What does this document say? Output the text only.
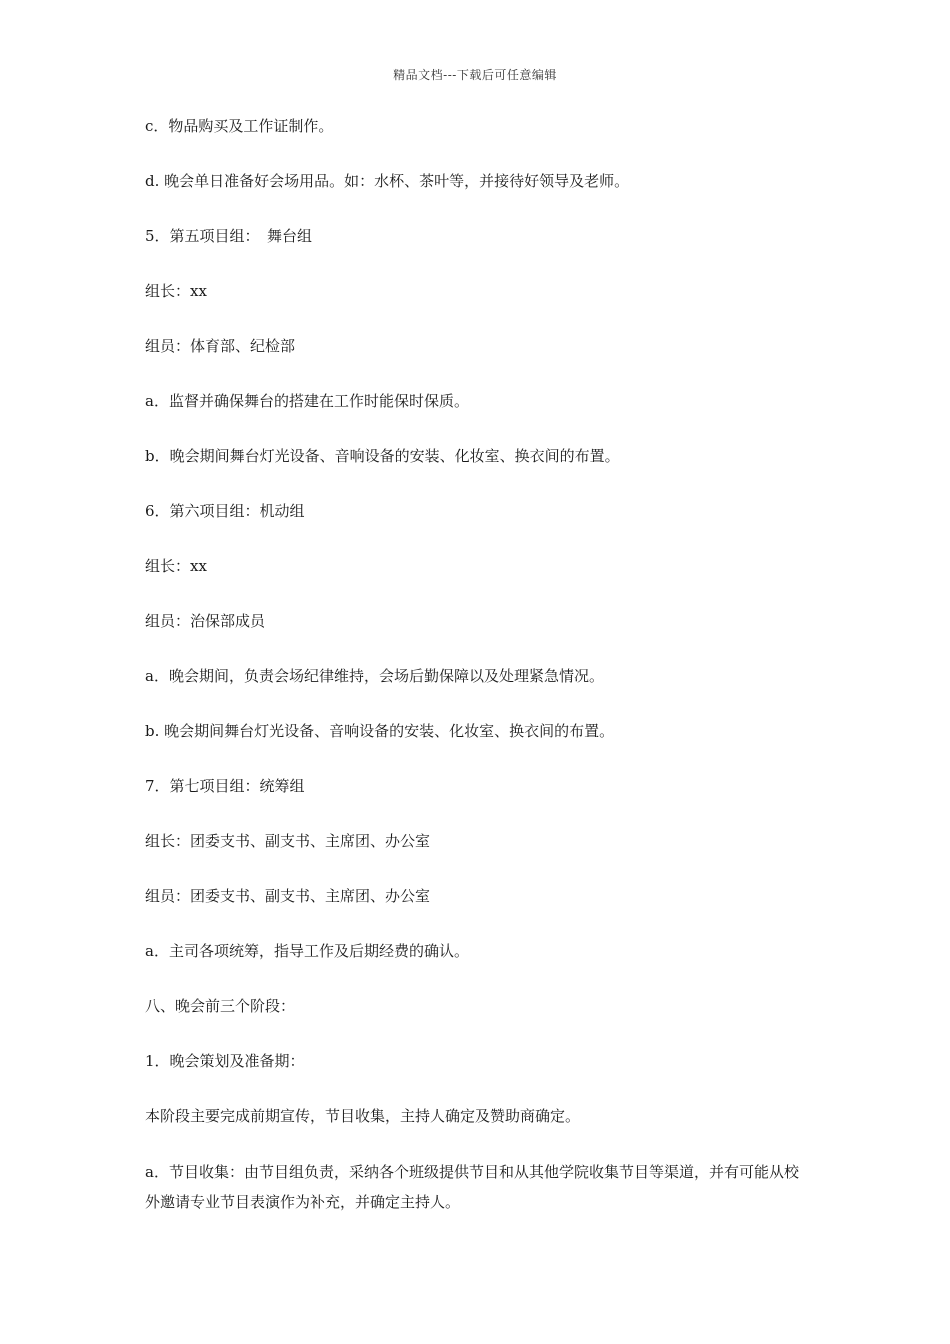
精品文档---下载后可任意编辑
c．物品购买及工作证制作。
d. 晚会单日准备好会场用品。如：水杯、茶叶等，并接待好领导及老师。
5．第五项目组：　舞台组
组长：xx
组员：体育部、纪检部
a．监督并确保舞台的搭建在工作时能保时保质。
b．晚会期间舞台灯光设备、音响设备的安装、化妆室、换衣间的布置。
6．第六项目组：机动组
组长：xx
组员：治保部成员
a．晚会期间，负责会场纪律维持，会场后勤保障以及处理紧急情况。
b. 晚会期间舞台灯光设备、音响设备的安装、化妆室、换衣间的布置。
7．第七项目组：统筹组
组长：团委支书、副支书、主席团、办公室
组员：团委支书、副支书、主席团、办公室
a．主司各项统筹，指导工作及后期经费的确认。
八、晚会前三个阶段：
1．晚会策划及准备期：
本阶段主要完成前期宣传，节目收集，主持人确定及赞助商确定。
a．节目收集：由节目组负责，采纳各个班级提供节目和从其他学院收集节目等渠道，并有可能从校外邀请专业节目表演作为补充，并确定主持人。
